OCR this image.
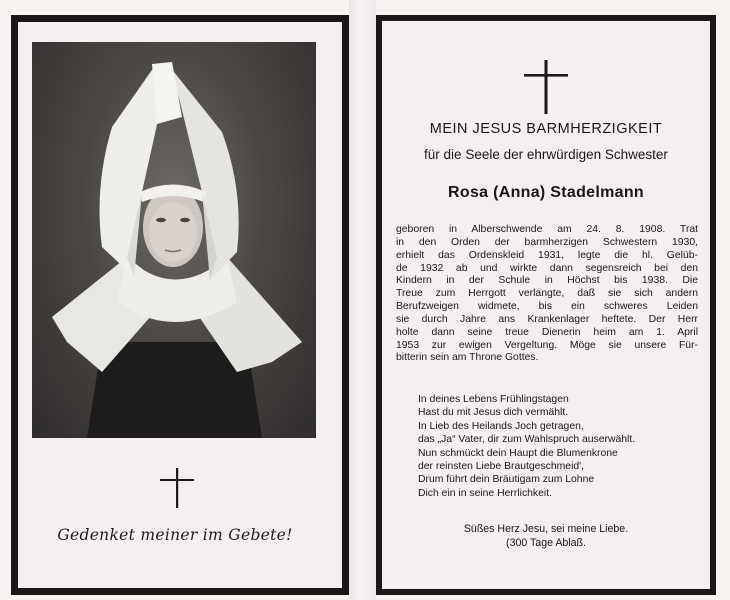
Gedenket meiner im Gebete!
MEIN JESUS BARMHERZIGKEIT
für die Seele der ehrwürdigen Schwester
Rosa (Anna) Stadelmann
geboren in Alberschwende am 24. 8. 1908. Trat
in den Orden der barmherzigen Schwestern 1930,
erhielt das Ordenskleid 1931, legte die hl. Gelüb-
de 1932 ab und wirkte dann segensreich bei den
Kindern in der Schule in Höchst bis 1938. Die
Treue zum Herrgott verlangte, daß sie sich andern
Berufzweigen widmete, bis ein schweres Leiden
sie durch Jahre ans Krankenlager heftete. Der Herr
holte dann seine treue Dienerin heim am 1. April
1953 zur ewigen Vergeltung. Möge sie unsere Für-
bitterin sein am Throne Gottes.
In deines Lebens Frühlingstagen
Hast du mit Jesus dich vermählt.
In Lieb des Heilands Joch getragen,
das „Ja“ Vater, dir zum Wahlspruch auserwählt.
Nun schmückt dein Haupt die Blumenkrone
der reinsten Liebe Brautgeschmeid',
Drum führt dein Bräutigam zum Lohne
Dich ein in seine Herrlichkeit.
Süßes Herz Jesu, sei meine Liebe.
(300 Tage Ablaß.
